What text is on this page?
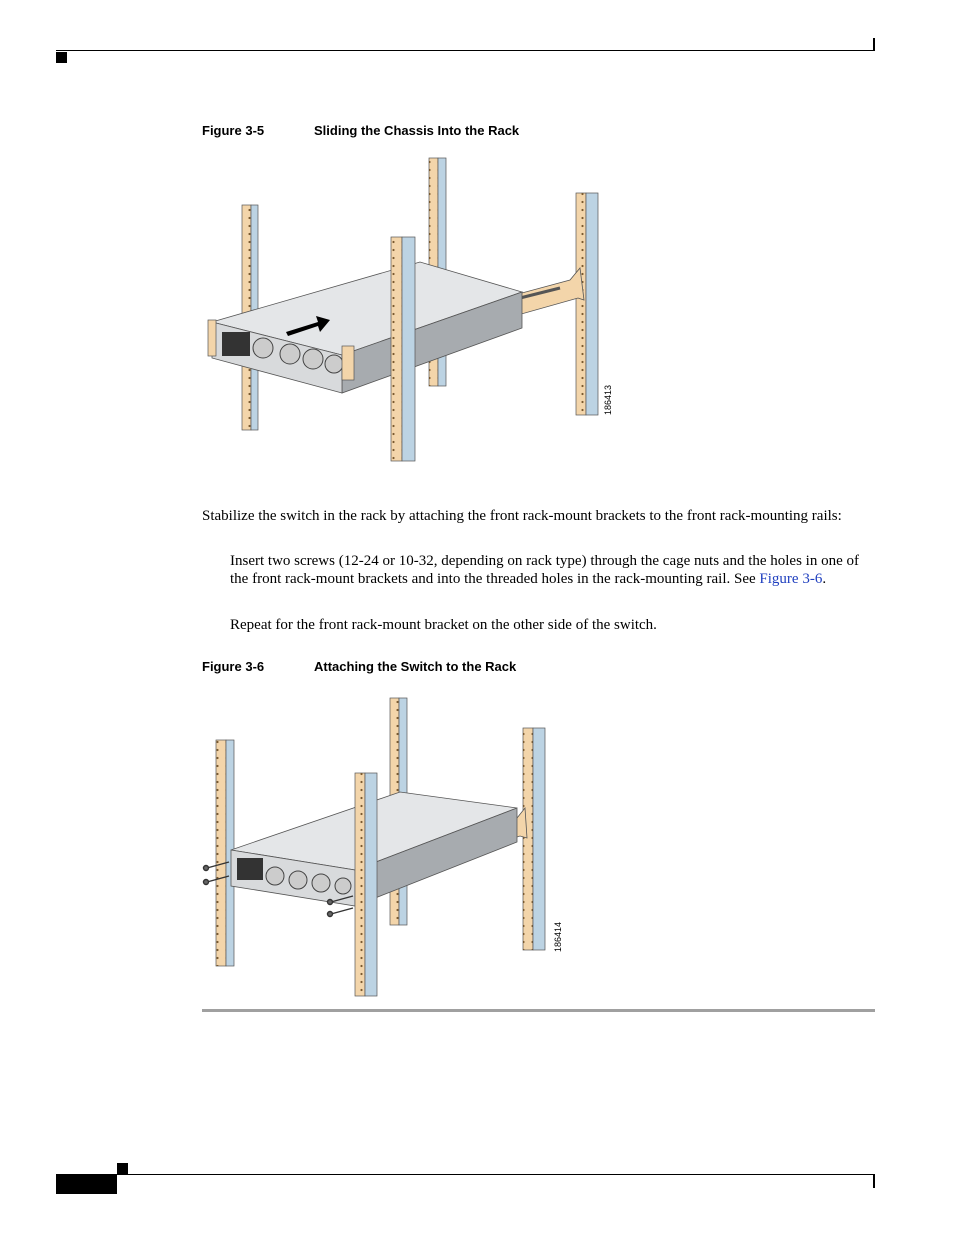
Figure 3-5	Sliding the Chassis Into the Rack
186413
Stabilize the switch in the rack by attaching the front rack-mount brackets to the front rack-mounting rails:
Insert two screws (12-24 or 10-32, depending on rack type) through the cage nuts and the holes in one of the front rack-mount brackets and into the threaded holes in the rack-mounting rail. See Figure 3-6.
Repeat for the front rack-mount bracket on the other side of the switch.
Figure 3-6	Attaching the Switch to the Rack
186414
